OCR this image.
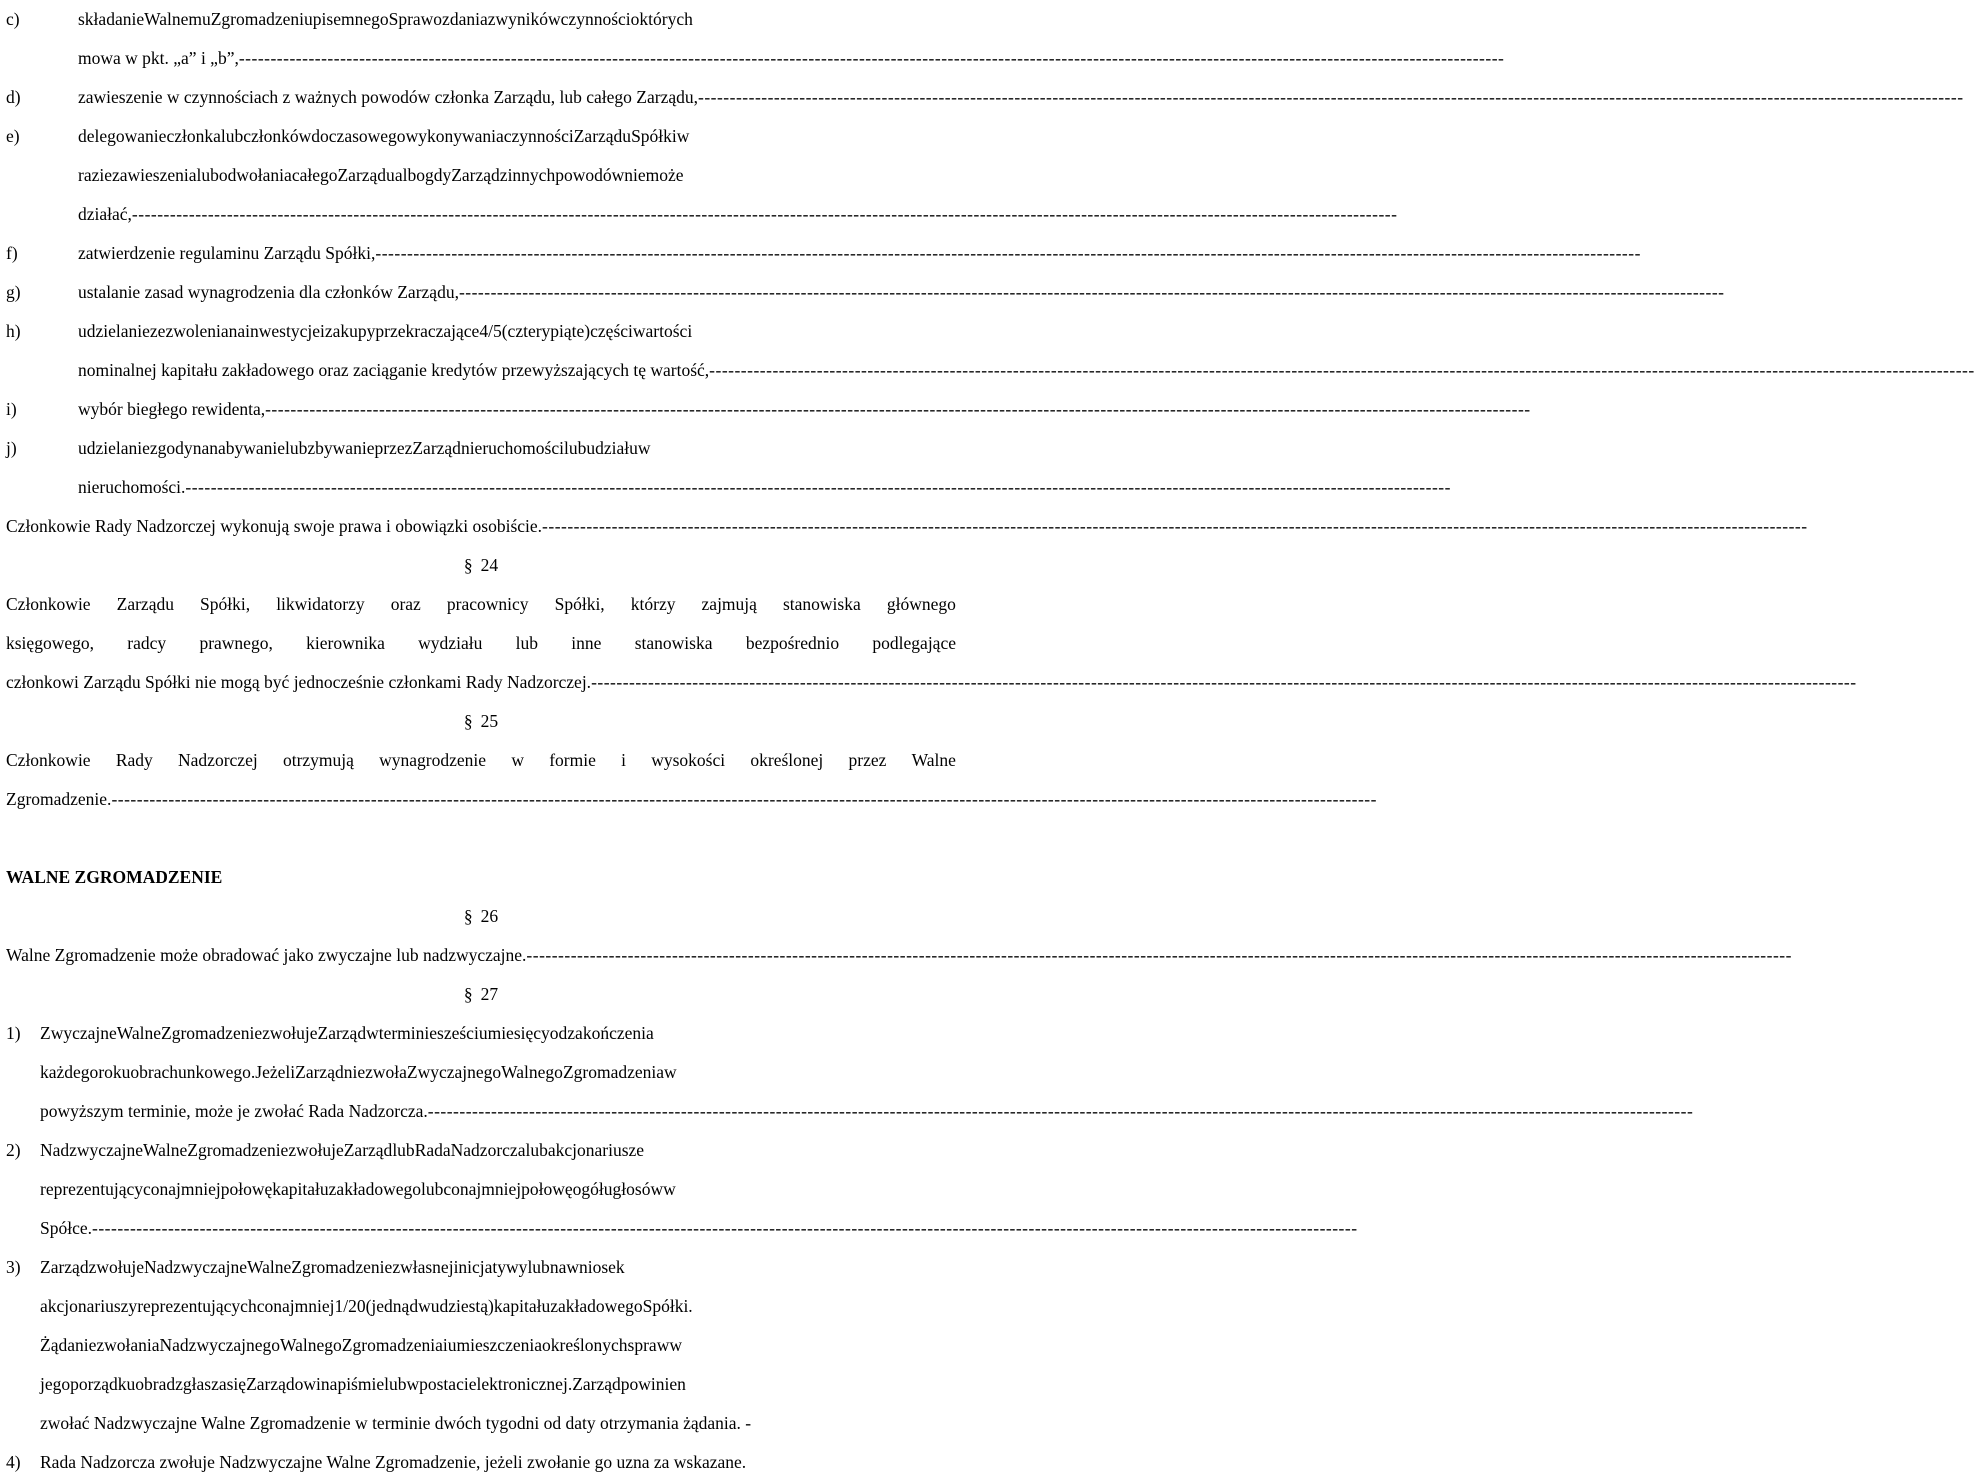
c)	składanie Walnemu Zgromadzeniu pisemnego Sprawozdania z wyników czynności o których
mowa w pkt. „a” i „b”, --------------------------------------------------------------------------------------------------------------------------------------------------------------------------------------------------------
d)	zawieszenie w czynnościach z ważnych powodów członka Zarządu, lub całego Zarządu, --------------------------------------------------------------------------------------------------------------------------------------------------------------------------------------------------------
e)	delegowanie członka lub członków do czasowego wykonywania czynności Zarządu Spółki w
razie zawieszenia lub odwołania całego Zarządu albo gdy Zarząd z innych powodów nie może
działać, --------------------------------------------------------------------------------------------------------------------------------------------------------------------------------------------------------
f)	zatwierdzenie regulaminu Zarządu Spółki, --------------------------------------------------------------------------------------------------------------------------------------------------------------------------------------------------------
g)	ustalanie zasad wynagrodzenia dla członków Zarządu, --------------------------------------------------------------------------------------------------------------------------------------------------------------------------------------------------------
h)	udzielanie zezwolenia na inwestycje i zakupy przekraczające 4/5 (cztery piąte) części wartości
nominalnej kapitału zakładowego oraz zaciąganie kredytów przewyższających tę wartość, --------------------------------------------------------------------------------------------------------------------------------------------------------------------------------------------------------
i)	wybór biegłego rewidenta, --------------------------------------------------------------------------------------------------------------------------------------------------------------------------------------------------------
j)	udzielanie zgody na nabywanie lub zbywanie przez Zarząd nieruchomości lub udziału w
nieruchomości. --------------------------------------------------------------------------------------------------------------------------------------------------------------------------------------------------------
Członkowie Rady Nadzorczej wykonują swoje prawa i obowiązki osobiście. --------------------------------------------------------------------------------------------------------------------------------------------------------------------------------------------------------
§ 24
Członkowie Zarządu Spółki, likwidatorzy oraz pracownicy Spółki, którzy zajmują stanowiska głównego
księgowego, radcy prawnego, kierownika wydziału lub inne stanowiska bezpośrednio podlegające
członkowi Zarządu Spółki nie mogą być jednocześnie członkami Rady Nadzorczej. --------------------------------------------------------------------------------------------------------------------------------------------------------------------------------------------------------
§ 25
Członkowie Rady Nadzorczej otrzymują wynagrodzenie w formie i wysokości określonej przez Walne
Zgromadzenie. --------------------------------------------------------------------------------------------------------------------------------------------------------------------------------------------------------
WALNE ZGROMADZENIE
§ 26
Walne Zgromadzenie może obradować jako zwyczajne lub nadzwyczajne. --------------------------------------------------------------------------------------------------------------------------------------------------------------------------------------------------------
§ 27
1) Zwyczajne Walne Zgromadzenie zwołuje Zarząd w terminie sześciu miesięcy od zakończenia
każdego roku obrachunkowego. Jeżeli Zarząd nie zwoła Zwyczajnego Walnego Zgromadzenia w
powyższym terminie, może je zwołać Rada Nadzorcza. --------------------------------------------------------------------------------------------------------------------------------------------------------------------------------------------------------
2) Nadzwyczajne Walne Zgromadzenie zwołuje Zarząd lub Rada Nadzorcza lub akcjonariusze
reprezentujący co najmniej połowę kapitału zakładowego lub co najmniej połowę ogółu głosów w
Spółce. --------------------------------------------------------------------------------------------------------------------------------------------------------------------------------------------------------
3) Zarząd zwołuje Nadzwyczajne Walne Zgromadzenie z własnej inicjatywy lub na wniosek
akcjonariuszy reprezentujących co najmniej 1/20 (jedną dwudziestą) kapitału zakładowego Spółki.
Żądanie zwołania Nadzwyczajnego Walnego Zgromadzenia i umieszczenia określonych spraw w
jego porządku obrad zgłasza się Zarządowi na piśmie lub w postaci elektronicznej. Zarząd powinien
zwołać Nadzwyczajne Walne Zgromadzenie w terminie dwóch tygodni od daty otrzymania żądania. -
4) Rada Nadzorcza zwołuje Nadzwyczajne Walne Zgromadzenie, jeżeli zwołanie go uzna za wskazane.
